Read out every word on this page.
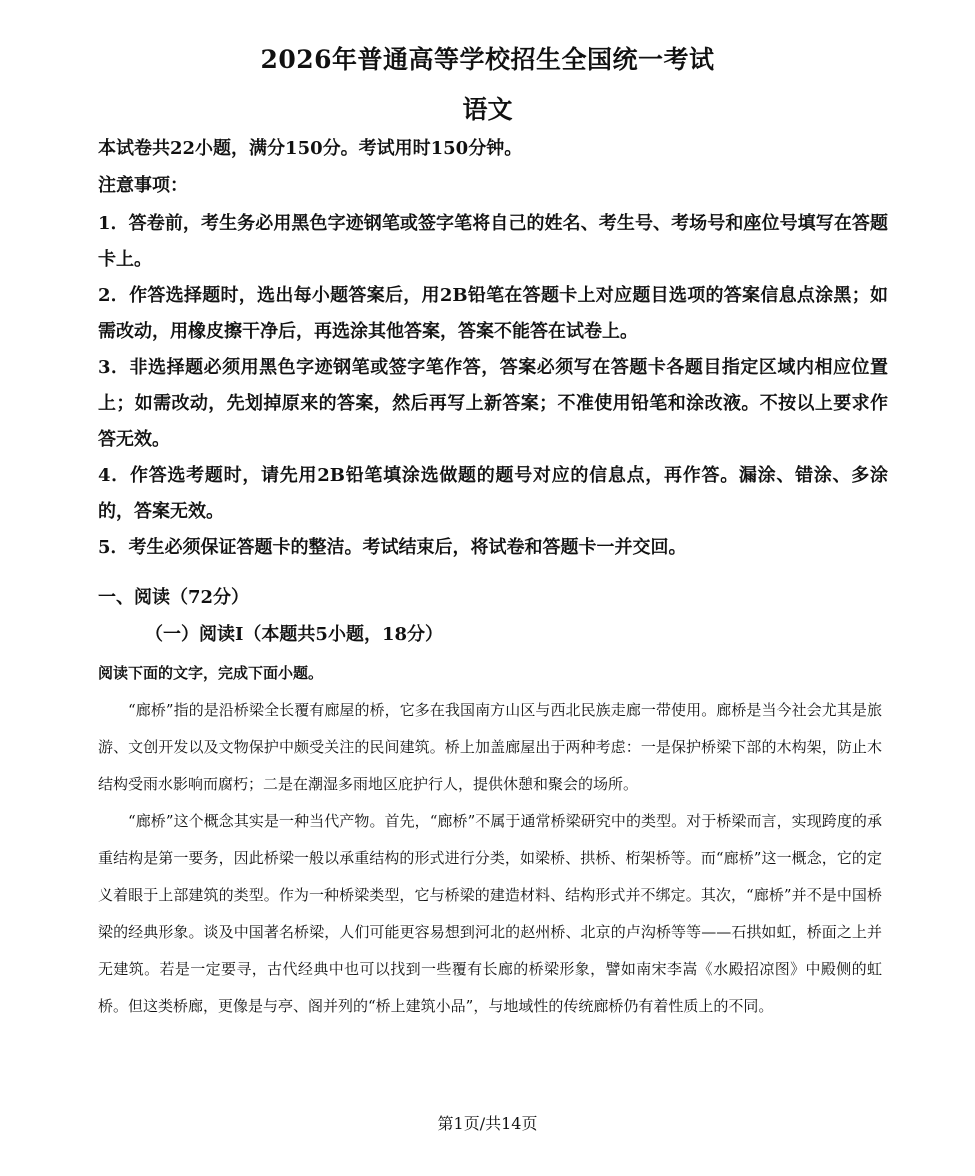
2026年普通高等学校招生全国统一考试
语文
本试卷共22小题，满分150分。考试用时150分钟。
注意事项：

1．答卷前，考生务必用黑色字迹钢笔或签字笔将自己的姓名、考生号、考场号和座位号填写在答题卡上。

2．作答选择题时，选出每小题答案后，用2B铅笔在答题卡上对应题目选项的答案信息点涂黑；如需改动，用橡皮擦干净后，再选涂其他答案，答案不能答在试卷上。

3．非选择题必须用黑色字迹钢笔或签字笔作答，答案必须写在答题卡各题目指定区域内相应位置上；如需改动，先划掉原来的答案，然后再写上新答案；不准使用铅笔和涂改液。不按以上要求作答无效。

4．作答选考题时，请先用2B铅笔填涂选做题的题号对应的信息点，再作答。漏涂、错涂、多涂的，答案无效。

5．考生必须保证答题卡的整洁。考试结束后，将试卷和答题卡一并交回。

一、阅读（72分）
（一）阅读Ⅰ（本题共5小题，18分）
阅读下面的文字，完成下面小题。

“廊桥”指的是沿桥梁全长覆有廊屋的桥，它多在我国南方山区与西北民族走廊一带使用。廊桥是当今社会尤其是旅游、文创开发以及文物保护中颇受关注的民间建筑。桥上加盖廊屋出于两种考虑：一是保护桥梁下部的木构架，防止木结构受雨水影响而腐朽；二是在潮湿多雨地区庇护行人，提供休憩和聚会的场所。

“廊桥”这个概念其实是一种当代产物。首先，“廊桥”不属于通常桥梁研究中的类型。对于桥梁而言，实现跨度的承重结构是第一要务，因此桥梁一般以承重结构的形式进行分类，如梁桥、拱桥、桁架桥等。而“廊桥”这一概念，它的定义着眼于上部建筑的类型。作为一种桥梁类型，它与桥梁的建造材料、结构形式并不绑定。其次，“廊桥”并不是中国桥梁的经典形象。谈及中国著名桥梁，人们可能更容易想到河北的赵州桥、北京的卢沟桥等等——石拱如虹，桥面之上并无建筑。若是一定要寻，古代经典中也可以找到一些覆有长廊的桥梁形象，譬如南宋李嵩《水殿招凉图》中殿侧的虹桥。但这类桥廊，更像是与亭、阁并列的“桥上建筑小品”，与地域性的传统廊桥仍有着性质上的不同。

第1页/共14页
